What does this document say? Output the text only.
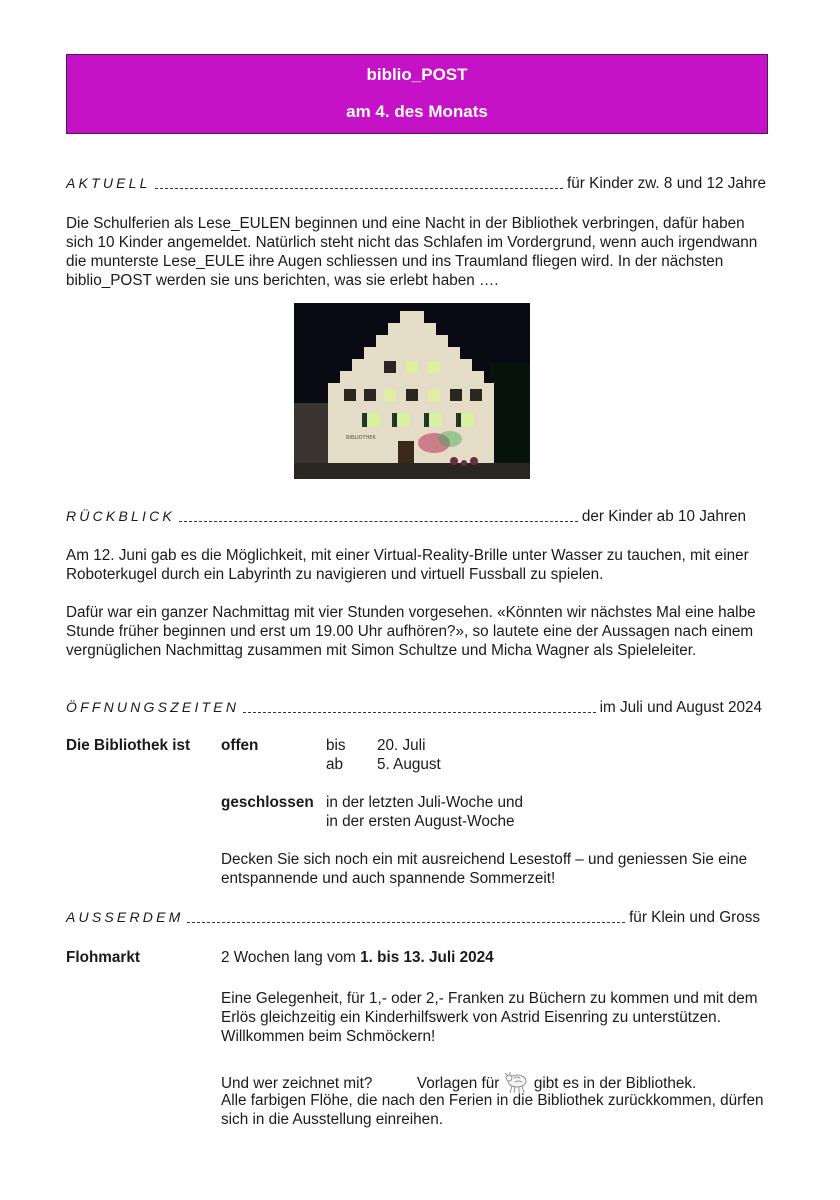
biblio_POST
am 4. des Monats
AKTUELL	für Kinder zw. 8 und 12 Jahre

Die Schulferien als Lese_EULEN beginnen und eine Nacht in der Bibliothek verbringen, dafür haben sich 10 Kinder angemeldet. Natürlich steht nicht das Schlafen im Vordergrund, wenn auch irgendwann die munterste Lese_EULE ihre Augen schliessen und ins Traumland fliegen wird. In der nächsten biblio_POST werden sie uns berichten, was sie erlebt haben ….

BIBLIOTHEK
RÜCKBLICK	der Kinder ab 10 Jahren

Am 12. Juni gab es die Möglichkeit, mit einer Virtual-Reality-Brille unter Wasser zu tauchen, mit einer Roboterkugel durch ein Labyrinth zu navigieren und virtuell Fussball zu spielen.

Dafür war ein ganzer Nachmittag mit vier Stunden vorgesehen. «Könnten wir nächstes Mal eine halbe Stunde früher beginnen und erst um 19.00 Uhr aufhören?», so lautete eine der Aussagen nach einem vergnüglichen Nachmittag zusammen mit Simon Schultze und Micha Wagner als Spieleleiter.

ÖFFNUNGSZEITEN	im Juli und August 2024
Die Bibliothek ist offen	bis 20. Juli
ab 5. August
geschlossen in der letzten Juli-Woche und
in der ersten August-Woche

Decken Sie sich noch ein mit ausreichend Lesestoff – und geniessen Sie eine entspannende und auch spannende Sommerzeit!

AUSSERDEM	für Klein und Gross
Flohmarkt	2 Wochen lang vom 1. bis 13. Juli 2024

Eine Gelegenheit, für 1,- oder 2,- Franken zu Büchern zu kommen und mit dem Erlös gleichzeitig ein Kinderhilfswerk von Astrid Eisenring zu unterstützen. Willkommen beim Schmöckern!

Und wer zeichnet mit?	Vorlagen für gibt es in der Bibliothek.

Alle farbigen Flöhe, die nach den Ferien in die Bibliothek zurückkommen, dürfen sich in die Ausstellung einreihen.
